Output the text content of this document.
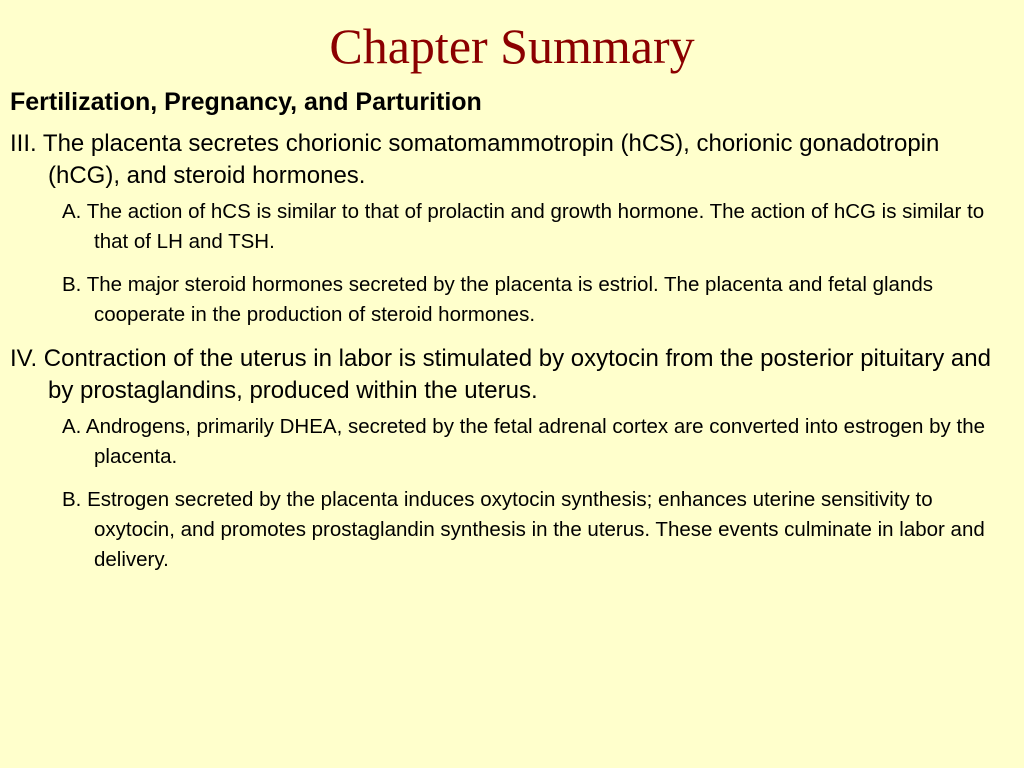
Chapter Summary
Fertilization, Pregnancy, and Parturition
III. The placenta secretes chorionic somatomammotropin (hCS), chorionic gonadotropin (hCG), and steroid hormones.
A. The action of hCS is similar to that of prolactin and growth hormone. The action of hCG is similar to that of LH and TSH.
B. The major steroid hormones secreted by the placenta is estriol. The placenta and fetal glands cooperate in the production of steroid hormones.
IV. Contraction of the uterus in labor is stimulated by oxytocin from the posterior pituitary and by prostaglandins, produced within the uterus.
A. Androgens, primarily DHEA, secreted by the fetal adrenal cortex are converted into estrogen by the placenta.
B. Estrogen secreted by the placenta induces oxytocin synthesis; enhances uterine sensitivity to oxytocin, and promotes prostaglandin synthesis in the uterus. These events culminate in labor and delivery.
